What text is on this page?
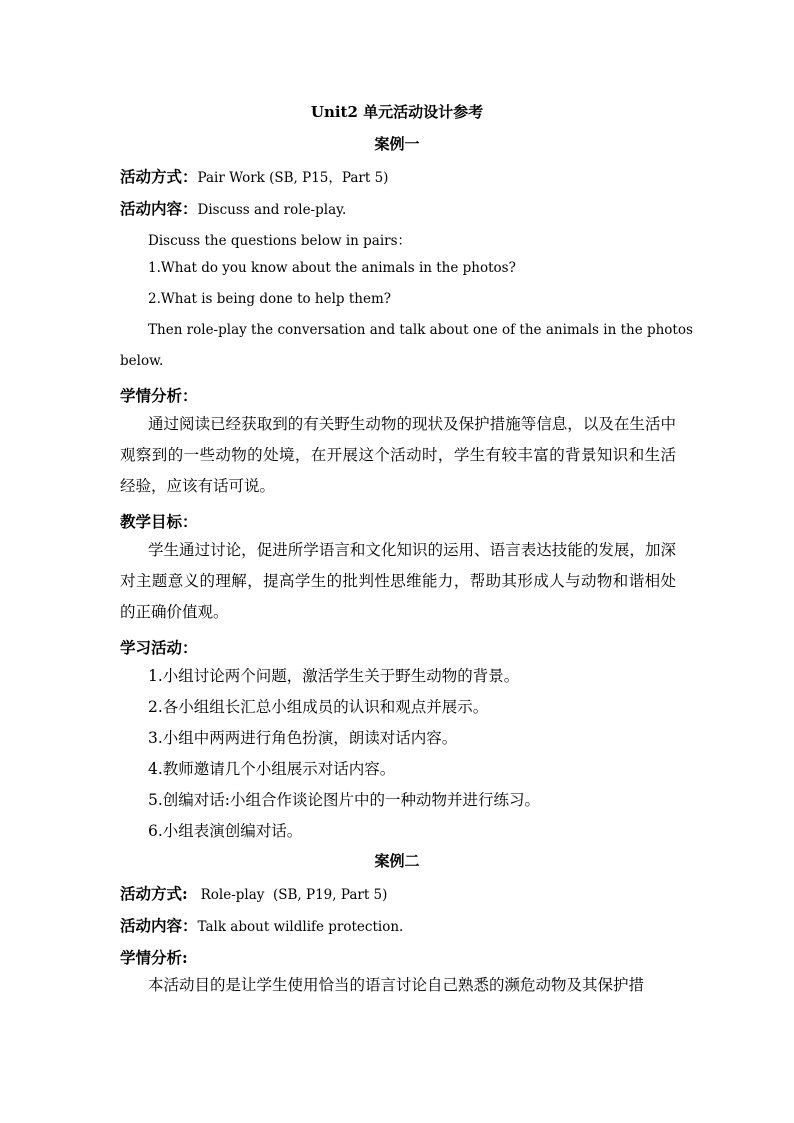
Unit2 单元活动设计参考
案例一
活动方式：Pair Work (SB, P15，Part 5)
活动内容：Discuss and role-play.
Discuss the questions below in pairs：
1.What do you know about the animals in the photos?
2.What is being done to help them?
Then role-play the conversation and talk about one of the animals in the photos
below.
学情分析：
通过阅读已经获取到的有关野生动物的现状及保护措施等信息，以及在生活中观察到的一些动物的处境，在开展这个活动时，学生有较丰富的背景知识和生活经验，应该有话可说。
教学目标：
学生通过讨论，促进所学语言和文化知识的运用、语言表达技能的发展，加深对主题意义的理解，提高学生的批判性思维能力，帮助其形成人与动物和谐相处的正确价值观。
学习活动：
1.小组讨论两个问题，激活学生关于野生动物的背景。
2.各小组组长汇总小组成员的认识和观点并展示。
3.小组中两两进行角色扮演，朗读对话内容。
4.教师邀请几个小组展示对话内容。
5.创编对话:小组合作谈论图片中的一种动物并进行练习。
6.小组表演创编对话。
案例二
活动方式:   Role-play  (SB, P19, Part 5)
活动内容：Talk about wildlife protection.
学情分析:
本活动目的是让学生使用恰当的语言讨论自己熟悉的濒危动物及其保护措
